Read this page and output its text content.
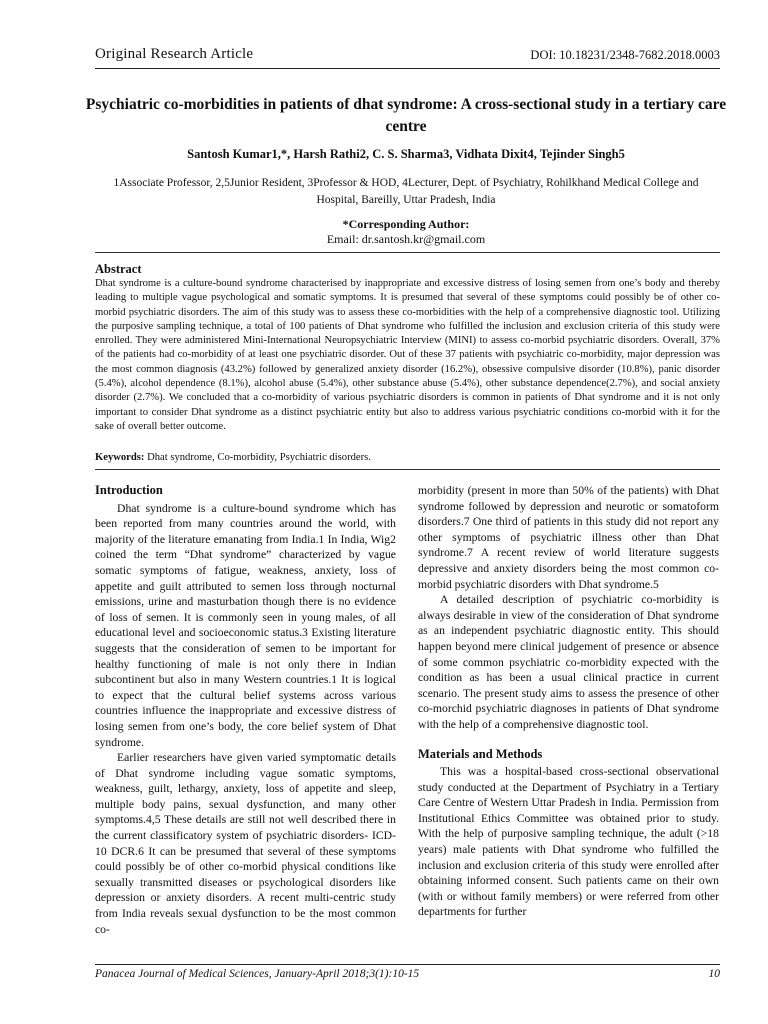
Original Research Article	DOI: 10.18231/2348-7682.2018.0003
Psychiatric co-morbidities in patients of dhat syndrome: A cross-sectional study in a tertiary care centre
Santosh Kumar1,*, Harsh Rathi2, C. S. Sharma3, Vidhata Dixit4, Tejinder Singh5
1Associate Professor, 2,5Junior Resident, 3Professor & HOD, 4Lecturer, Dept. of Psychiatry, Rohilkhand Medical College and Hospital, Bareilly, Uttar Pradesh, India
*Corresponding Author:
Email: dr.santosh.kr@gmail.com
Abstract
Dhat syndrome is a culture-bound syndrome characterised by inappropriate and excessive distress of losing semen from one’s body and thereby leading to multiple vague psychological and somatic symptoms. It is presumed that several of these symptoms could possibly be of other co-morbid psychiatric disorders. The aim of this study was to assess these co-morbidities with the help of a comprehensive diagnostic tool. Utilizing the purposive sampling technique, a total of 100 patients of Dhat syndrome who fulfilled the inclusion and exclusion criteria of this study were enrolled. They were administered Mini-International Neuropsychiatric Interview (MINI) to assess co-morbid psychiatric disorders. Overall, 37% of the patients had co-morbidity of at least one psychiatric disorder. Out of these 37 patients with psychiatric co-morbidity, major depression was the most common diagnosis (43.2%) followed by generalized anxiety disorder (16.2%), obsessive compulsive disorder (10.8%), panic disorder (5.4%), alcohol dependence (8.1%), alcohol abuse (5.4%), other substance abuse (5.4%), other substance dependence(2.7%), and social anxiety disorder (2.7%). We concluded that a co-morbidity of various psychiatric disorders is common in patients of Dhat syndrome and it is not only important to consider Dhat syndrome as a distinct psychiatric entity but also to address various psychiatric conditions co-morbid with it for the sake of overall better outcome.
Keywords: Dhat syndrome, Co-morbidity, Psychiatric disorders.
Introduction

Dhat syndrome is a culture-bound syndrome which has been reported from many countries around the world, with majority of the literature emanating from India.1 In India, Wig2 coined the term “Dhat syndrome” characterized by vague somatic symptoms of fatigue, weakness, anxiety, loss of appetite and guilt attributed to semen loss through nocturnal emissions, urine and masturbation though there is no evidence of loss of semen. It is commonly seen in young males, of all educational level and socioeconomic status.3 Existing literature suggests that the consideration of semen to be important for healthy functioning of male is not only there in Indian subcontinent but also in many Western countries.1 It is logical to expect that the cultural belief systems across various countries influence the inappropriate and excessive distress of losing semen from one’s body, the core belief system of Dhat syndrome.

Earlier researchers have given varied symptomatic details of Dhat syndrome including vague somatic symptoms, weakness, guilt, lethargy, anxiety, loss of appetite and sleep, multiple body pains, sexual dysfunction, and many other symptoms.4,5 These details are still not well described there in the current classificatory system of psychiatric disorders- ICD-10 DCR.6 It can be presumed that several of these symptoms could possibly be of other co-morbid physical conditions like sexually transmitted diseases or psychological disorders like depression or anxiety disorders. A recent multi-centric study from India reveals sexual dysfunction to be the most common co-

morbidity (present in more than 50% of the patients) with Dhat syndrome followed by depression and neurotic or somatoform disorders.7 One third of patients in this study did not report any other symptoms of psychiatric illness other than Dhat syndrome.7 A recent review of world literature suggests depressive and anxiety disorders being the most common co-morbid psychiatric disorders with Dhat syndrome.5

A detailed description of psychiatric co-morbidity is always desirable in view of the consideration of Dhat syndrome as an independent psychiatric diagnostic entity. This should happen beyond mere clinical judgement of presence or absence of some common psychiatric co-morbidity expected with the condition as has been a usual clinical practice in current scenario. The present study aims to assess the presence of other co-morchid psychiatric diagnoses in patients of Dhat syndrome with the help of a comprehensive diagnostic tool.

Materials and Methods

This was a hospital-based cross-sectional observational study conducted at the Department of Psychiatry in a Tertiary Care Centre of Western Uttar Pradesh in India. Permission from Institutional Ethics Committee was obtained prior to study. With the help of purposive sampling technique, the adult (>18 years) male patients with Dhat syndrome who fulfilled the inclusion and exclusion criteria of this study were enrolled after obtaining informed consent. Such patients came on their own (with or without family members) or were referred from other departments for further

Panacea Journal of Medical Sciences, January-April 2018;3(1):10-15	10
